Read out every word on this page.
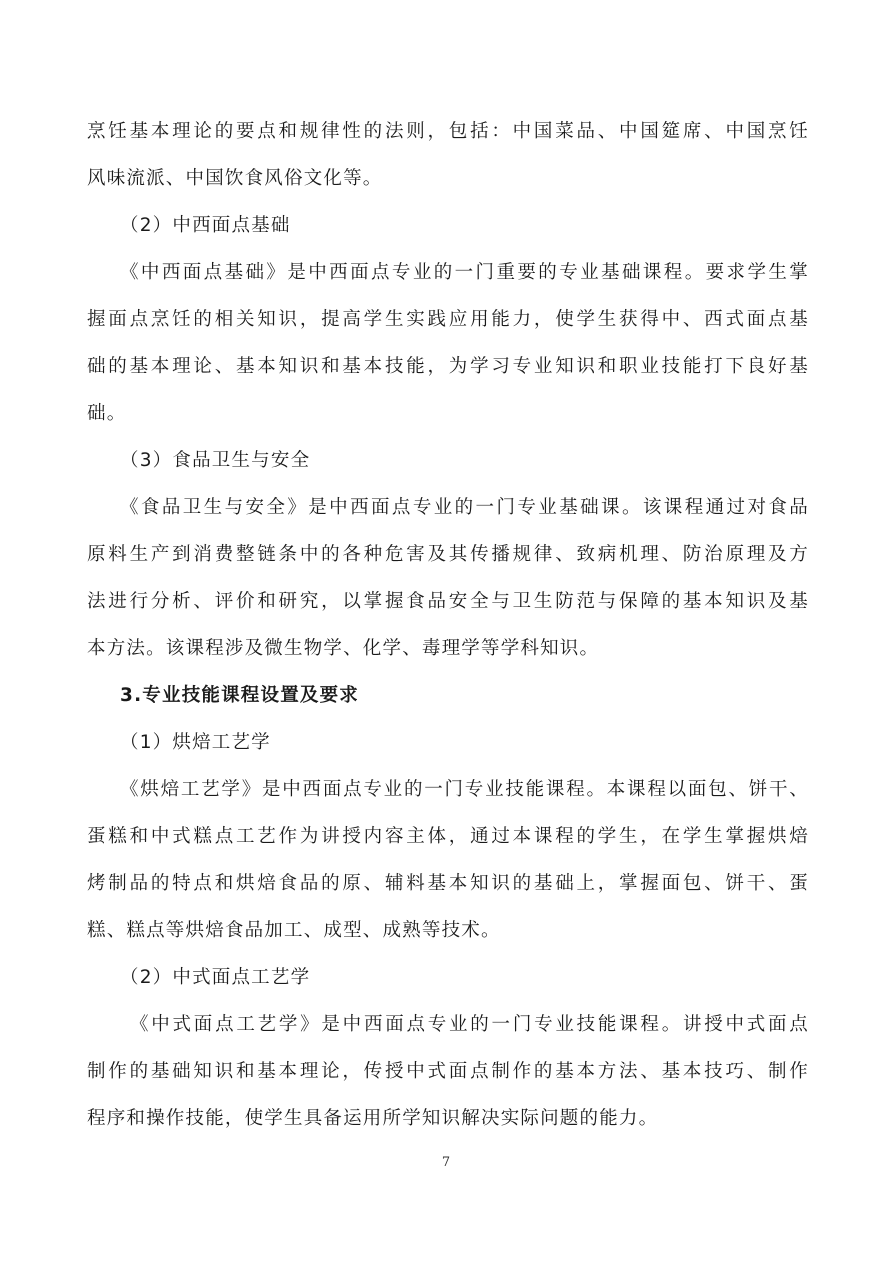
烹饪基本理论的要点和规律性的法则，包括：中国菜品、中国筵席、中国烹饪
风味流派、中国饮食风俗文化等。
（2）中西面点基础
《中西面点基础》是中西面点专业的一门重要的专业基础课程。要求学生掌
握面点烹饪的相关知识，提高学生实践应用能力，使学生获得中、西式面点基
础的基本理论、基本知识和基本技能，为学习专业知识和职业技能打下良好基
础。
（3）食品卫生与安全
《食品卫生与安全》是中西面点专业的一门专业基础课。该课程通过对食品
原料生产到消费整链条中的各种危害及其传播规律、致病机理、防治原理及方
法进行分析、评价和研究，以掌握食品安全与卫生防范与保障的基本知识及基
本方法。该课程涉及微生物学、化学、毒理学等学科知识。
3.专业技能课程设置及要求
（1）烘焙工艺学
《烘焙工艺学》是中西面点专业的一门专业技能课程。本课程以面包、饼干、
蛋糕和中式糕点工艺作为讲授内容主体，通过本课程的学生，在学生掌握烘焙
烤制品的特点和烘焙食品的原、辅料基本知识的基础上，掌握面包、饼干、蛋
糕、糕点等烘焙食品加工、成型、成熟等技术。
（2）中式面点工艺学
《中式面点工艺学》是中西面点专业的一门专业技能课程。讲授中式面点
制作的基础知识和基本理论，传授中式面点制作的基本方法、基本技巧、制作
程序和操作技能，使学生具备运用所学知识解决实际问题的能力。
7
